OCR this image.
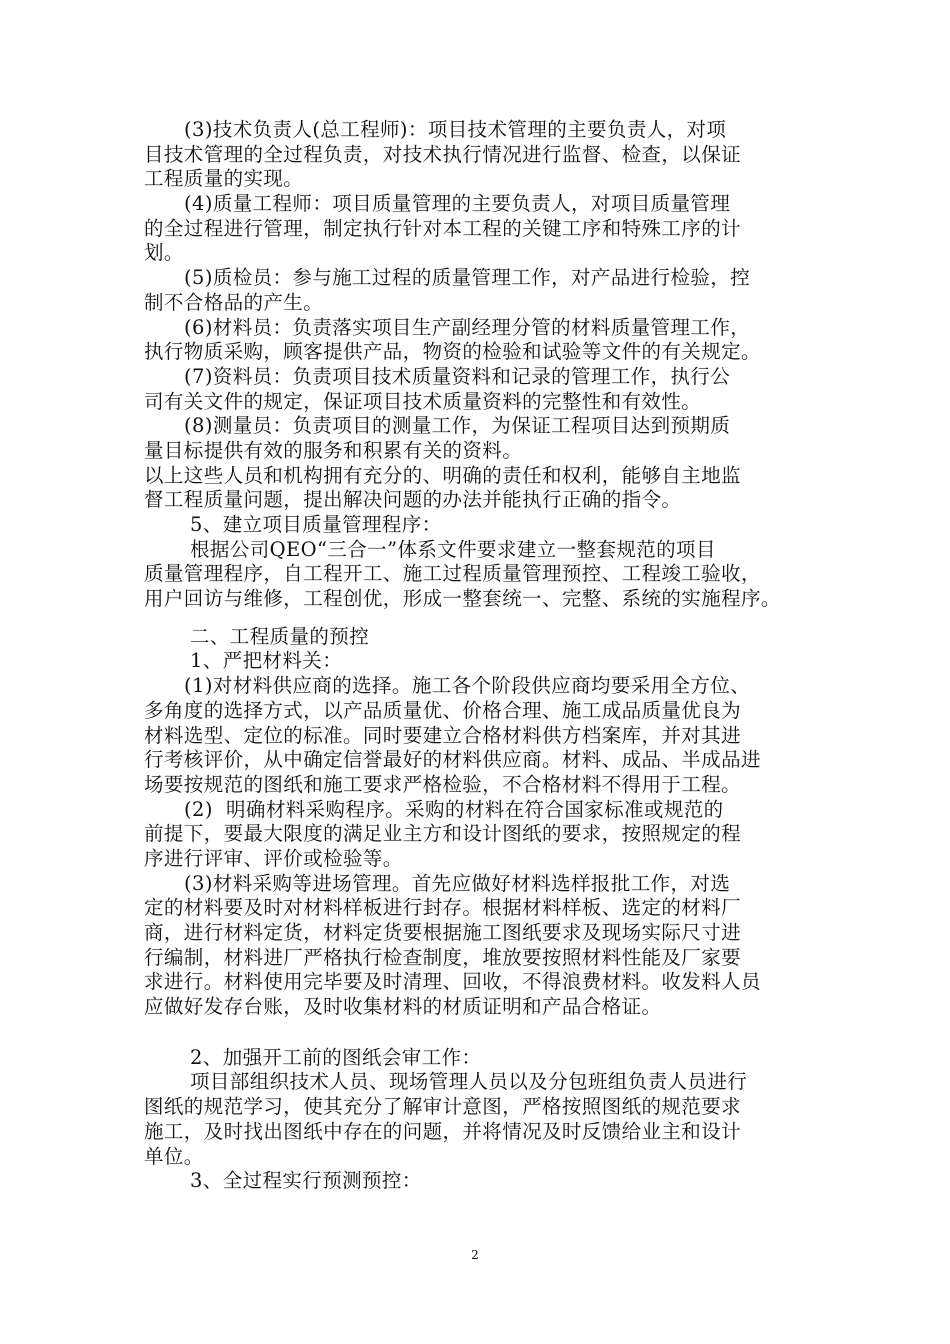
(3)技术负责人(总工程师)：项目技术管理的主要负责人，对项
目技术管理的全过程负责，对技术执行情况进行监督、检查，以保证
工程质量的实现。
(4)质量工程师：项目质量管理的主要负责人，对项目质量管理
的全过程进行管理，制定执行针对本工程的关键工序和特殊工序的计
划。
(5)质检员：参与施工过程的质量管理工作，对产品进行检验，控
制不合格品的产生。
(6)材料员：负责落实项目生产副经理分管的材料质量管理工作，
执行物质采购，顾客提供产品，物资的检验和试验等文件的有关规定。
(7)资料员：负责项目技术质量资料和记录的管理工作，执行公
司有关文件的规定，保证项目技术质量资料的完整性和有效性。
(8)测量员：负责项目的测量工作，为保证工程项目达到预期质
量目标提供有效的服务和积累有关的资料。
以上这些人员和机构拥有充分的、明确的责任和权利，能够自主地监
督工程质量问题，提出解决问题的办法并能执行正确的指令。
5、建立项目质量管理程序：
根据公司QEO“三合一”体系文件要求建立一整套规范的项目
质量管理程序，自工程开工、施工过程质量管理预控、工程竣工验收，
用户回访与维修，工程创优，形成一整套统一、完整、系统的实施程序。
二、工程质量的预控
1、严把材料关：
(1)对材料供应商的选择。施工各个阶段供应商均要采用全方位、
多角度的选择方式，以产品质量优、价格合理、施工成品质量优良为
材料选型、定位的标准。同时要建立合格材料供方档案库，并对其进
行考核评价，从中确定信誉最好的材料供应商。材料、成品、半成品进
场要按规范的图纸和施工要求严格检验，不合格材料不得用于工程。
(2)  明确材料采购程序。采购的材料在符合国家标准或规范的
前提下，要最大限度的满足业主方和设计图纸的要求，按照规定的程
序进行评审、评价或检验等。
(3)材料采购等进场管理。首先应做好材料选样报批工作，对选
定的材料要及时对材料样板进行封存。根据材料样板、选定的材料厂
商，进行材料定货，材料定货要根据施工图纸要求及现场实际尺寸进
行编制，材料进厂严格执行检查制度，堆放要按照材料性能及厂家要
求进行。材料使用完毕要及时清理、回收，不得浪费材料。收发料人员
应做好发存台账，及时收集材料的材质证明和产品合格证。
2、加强开工前的图纸会审工作：
项目部组织技术人员、现场管理人员以及分包班组负责人员进行
图纸的规范学习，使其充分了解审计意图，严格按照图纸的规范要求
施工，及时找出图纸中存在的问题，并将情况及时反馈给业主和设计
单位。
3、全过程实行预测预控：
2
